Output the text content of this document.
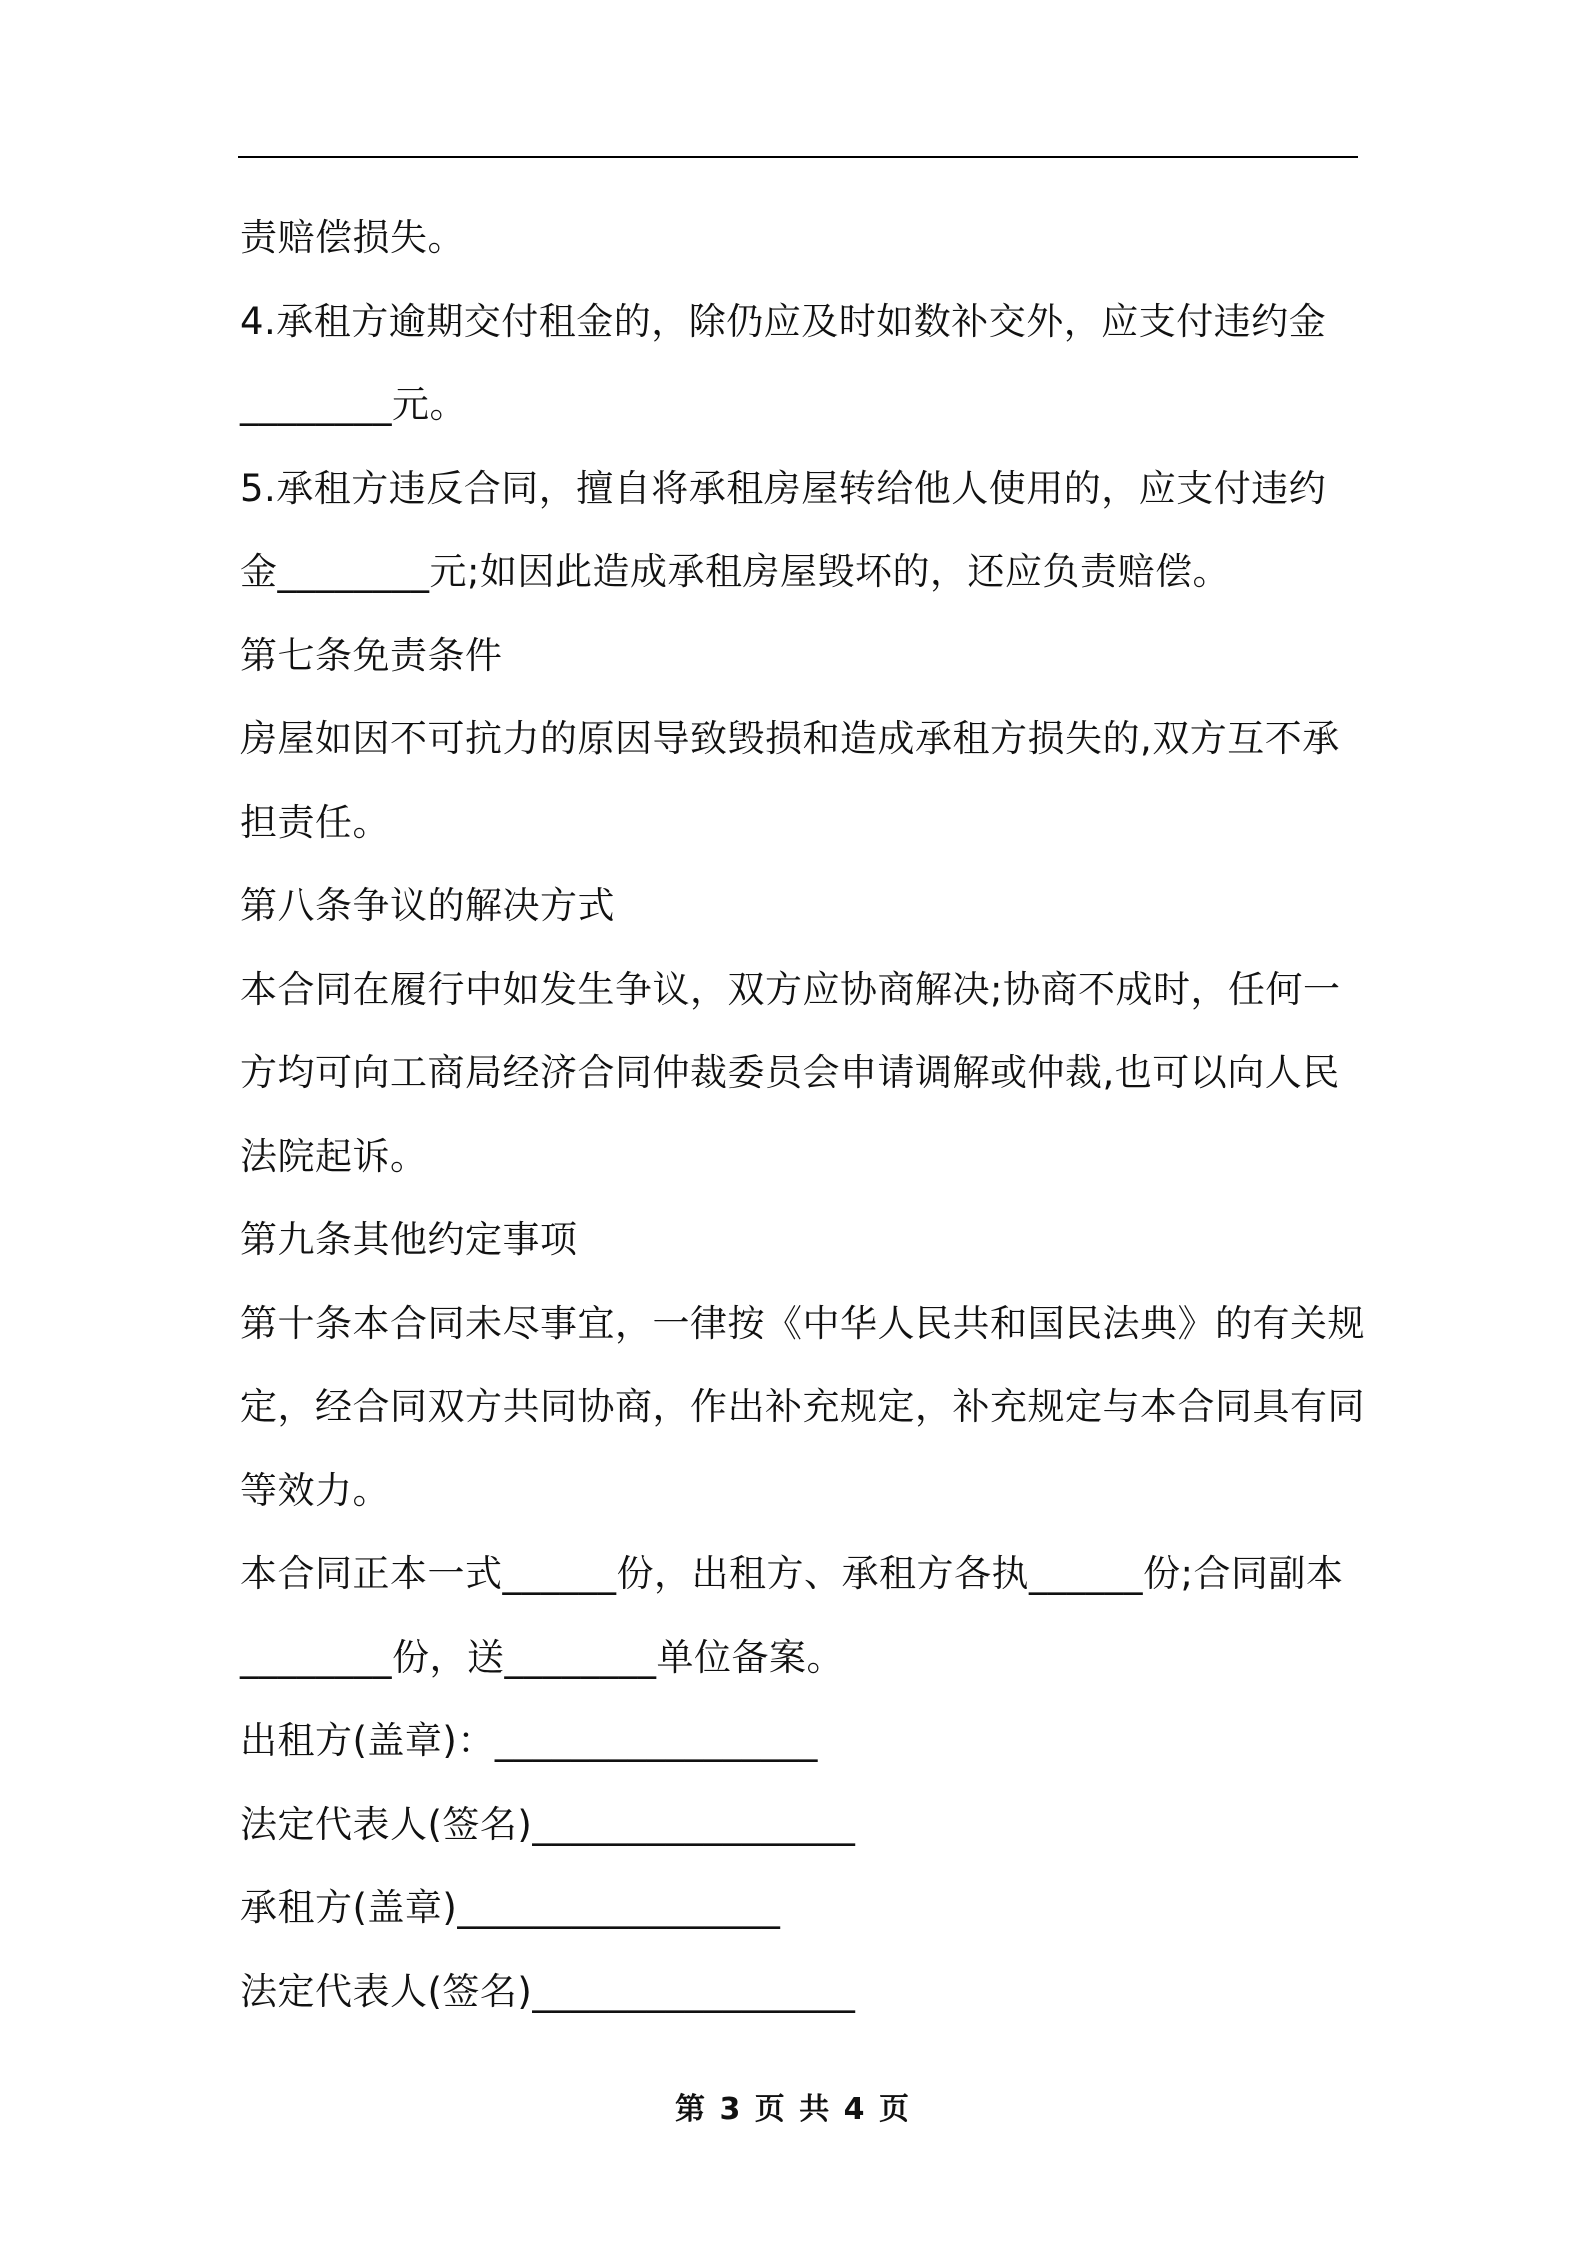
责赔偿损失。
4.承租方逾期交付租金的，除仍应及时如数补交外，应支付违约金
________元。
5.承租方违反合同，擅自将承租房屋转给他人使用的，应支付违约
金________元;如因此造成承租房屋毁坏的，还应负责赔偿。
第七条免责条件
房屋如因不可抗力的原因导致毁损和造成承租方损失的,双方互不承
担责任。
第八条争议的解决方式
本合同在履行中如发生争议，双方应协商解决;协商不成时，任何一
方均可向工商局经济合同仲裁委员会申请调解或仲裁,也可以向人民
法院起诉。
第九条其他约定事项
第十条本合同未尽事宜，一律按《中华人民共和国民法典》的有关规
定，经合同双方共同协商，作出补充规定，补充规定与本合同具有同
等效力。
本合同正本一式______份，出租方、承租方各执______份;合同副本
________份，送________单位备案。
出租方(盖章)：_________________
法定代表人(签名)_________________
承租方(盖章)_________________
法定代表人(签名)_________________
第 3 页 共 4 页
